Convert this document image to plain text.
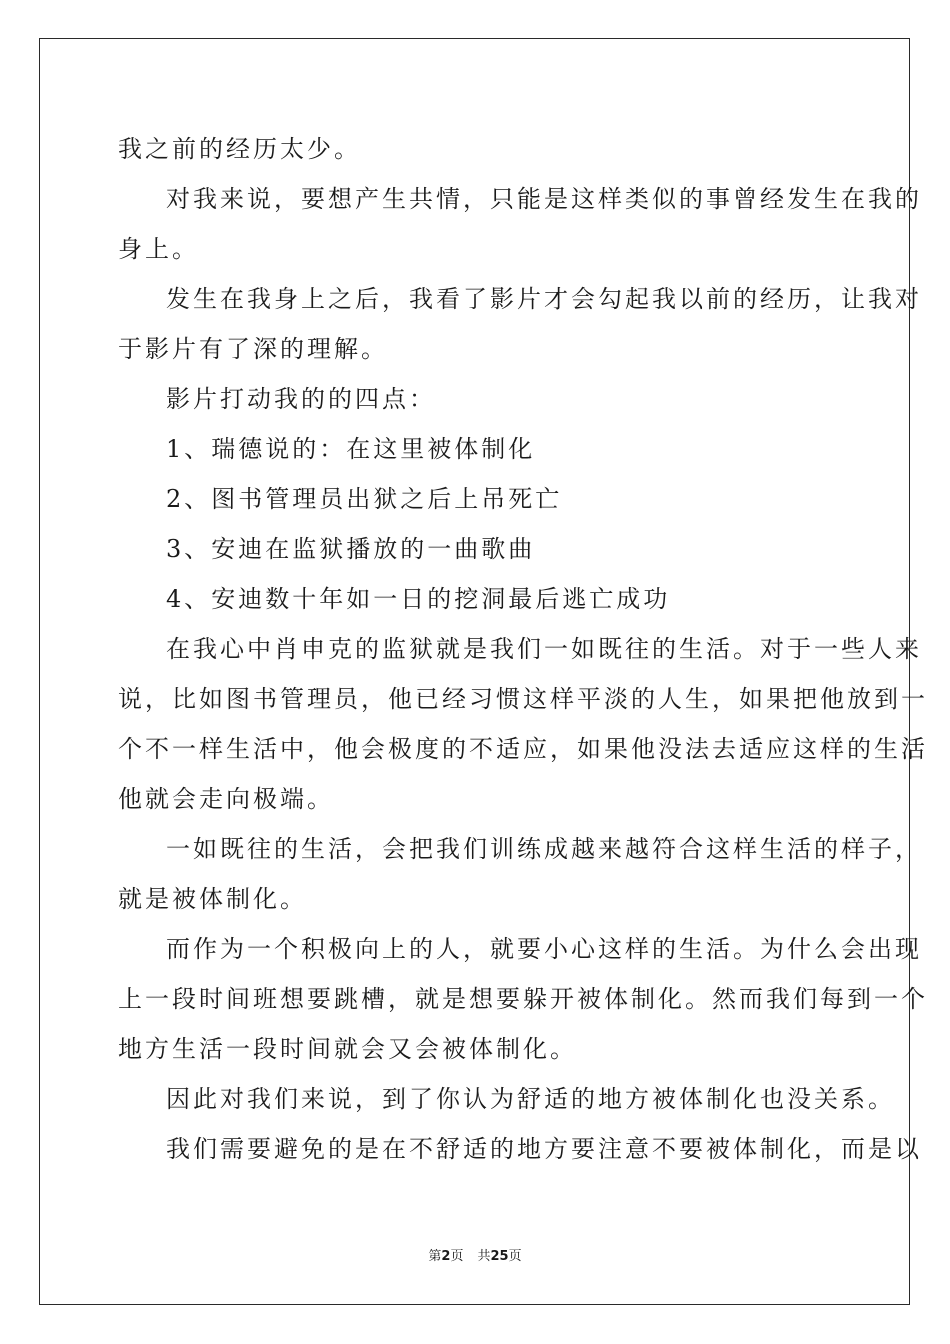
我之前的经历太少。
对我来说，要想产生共情，只能是这样类似的事曾经发生在我的
身上。
发生在我身上之后，我看了影片才会勾起我以前的经历，让我对
于影片有了深的理解。
影片打动我的的四点：
1、瑞德说的：在这里被体制化
2、图书管理员出狱之后上吊死亡
3、安迪在监狱播放的一曲歌曲
4、安迪数十年如一日的挖洞最后逃亡成功
在我心中肖申克的监狱就是我们一如既往的生活。对于一些人来
说，比如图书管理员，他已经习惯这样平淡的人生，如果把他放到一
个不一样生活中，他会极度的不适应，如果他没法去适应这样的生活
他就会走向极端。
一如既往的生活，会把我们训练成越来越符合这样生活的样子，
就是被体制化。
而作为一个积极向上的人，就要小心这样的生活。为什么会出现
上一段时间班想要跳槽，就是想要躲开被体制化。然而我们每到一个
地方生活一段时间就会又会被体制化。
因此对我们来说，到了你认为舒适的地方被体制化也没关系。
我们需要避免的是在不舒适的地方要注意不要被体制化，而是以
第2页 共25页
